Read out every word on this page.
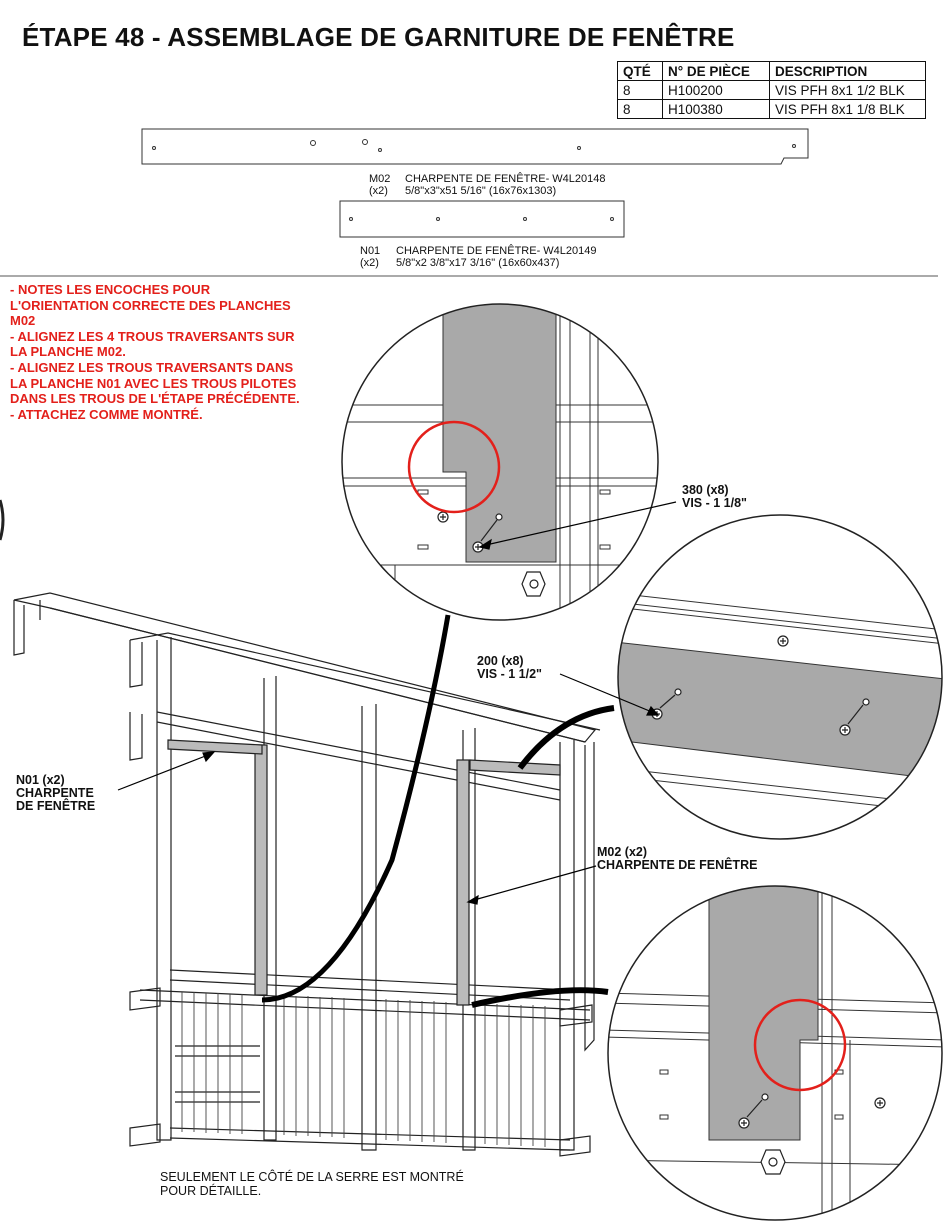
ÉTAPE 48 - ASSEMBLAGE DE GARNITURE DE FENÊTRE
QTÉ	N° DE PIÈCE	DESCRIPTION
8	H100200	VIS PFH 8x1 1/2 BLK
8	H100380	VIS PFH 8x1 1/8 BLK
M02 CHARPENTE DE FENÊTRE- W4L20148
(x2) 5/8"x3"x51 5/16" (16x76x1303)
N01 CHARPENTE DE FENÊTRE- W4L20149
(x2) 5/8"x2 3/8"x17 3/16" (16x60x437)
- NOTES LES ENCOCHES POUR
L'ORIENTATION CORRECTE DES PLANCHES
M02
- ALIGNEZ LES 4 TROUS TRAVERSANTS SUR
LA PLANCHE M02.
- ALIGNEZ LES TROUS TRAVERSANTS DANS
LA PLANCHE N01 AVEC LES TROUS PILOTES
DANS LES TROUS DE L'ÉTAPE PRÉCÉDENTE.
- ATTACHEZ COMME MONTRÉ.
380 (x8)
VIS - 1 1/8"
200 (x8)
VIS - 1 1/2"
N01 (x2)
CHARPENTE
DE FENÊTRE
M02 (x2)
CHARPENTE DE FENÊTRE
SEULEMENT LE CÔTÉ DE LA SERRE EST MONTRÉ
POUR DÉTAILLE.
